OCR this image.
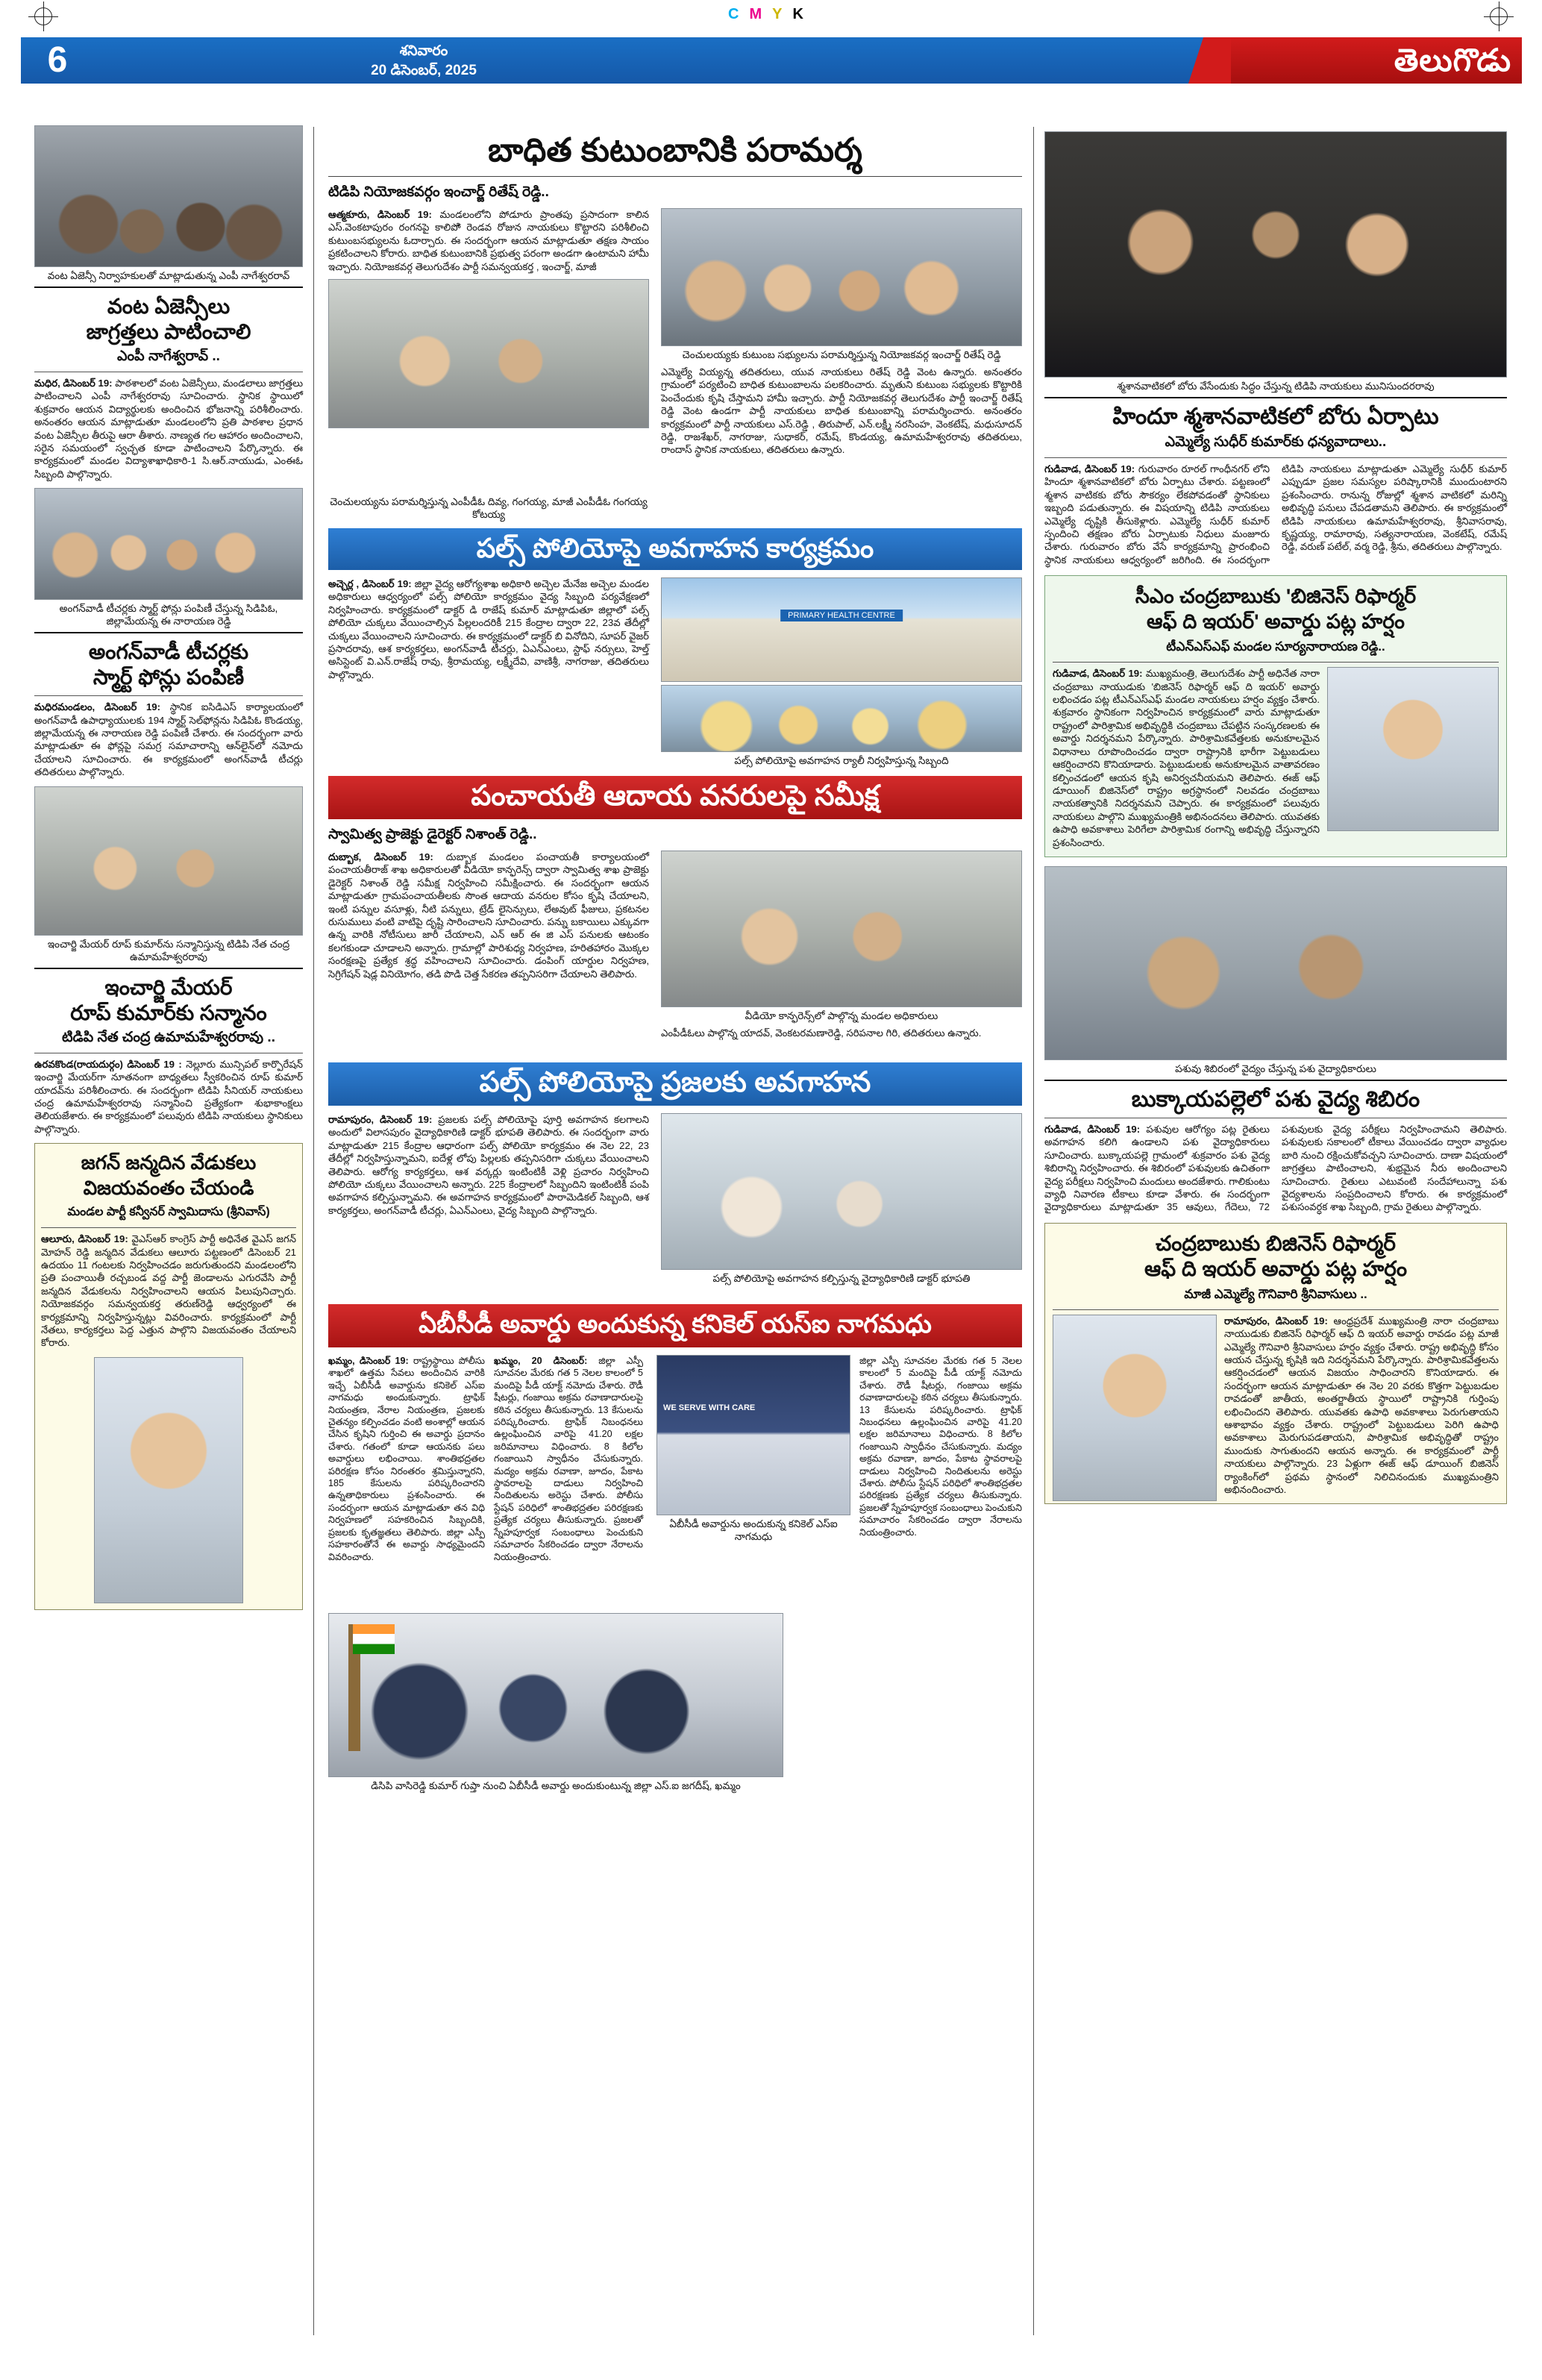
CMYK
6	శనివారం
20 డిసెంబర్, 2025	తెలుగొడు
వంట ఏజెన్సీ నిర్వాహకులతో మాట్లాడుతున్న ఎంపీ నాగేశ్వరరావ్
వంట ఏజెన్సీలు
జాగ్రత్తలు పాటించాలి
ఎంపీ నాగేశ్వరావ్ ..
మధిర, డిసెంబర్ 19: పాఠశాలలో వంట ఏజెన్సీలు, మండలాలు జాగ్రత్తలు పాటించాలని ఎంపీ నాగేశ్వరరావు సూచించారు. స్థానిక స్థాయిలో శుక్రవారం ఆయన విద్యార్థులకు అందించిన భోజనాన్ని పరిశీలించారు. అనంతరం ఆయన మాట్లాడుతూ మండలంలోని ప్రతి పాఠశాల ప్రధాన వంట ఏజెన్సీల తీరుపై ఆరా తీశారు. నాణ్యత గల ఆహారం అందించాలని, సరైన సమయంలో స్వచ్ఛత కూడా పాటించాలని పేర్కొన్నారు. ఈ కార్యక్రమంలో మండల విద్యాశాఖాధికారి-1 సి.ఆర్.నాయుడు, ఎంఈఓ సిబ్బంది పాల్గొన్నారు.
అంగన్‌వాడీ టీచర్లకు స్మార్ట్ ఫోన్లు పంపిణీ చేస్తున్న సిడిపిఓ, జిల్లామేయన్న ఈ నారాయణ రెడ్డి
అంగన్‌వాడీ టీచర్లకు
స్మార్ట్ ఫోన్లు పంపిణీ
మధిరమండలం, డిసెంబర్ 19: స్థానిక ఐసిడిఎస్ కార్యాలయంలో అంగన్‌వాడీ ఉపాధ్యాయులకు 194 స్మార్ట్ సెల్‌ఫోన్లను సిడిపిఓ కొండయ్య, జిల్లామేయన్న ఈ నారాయణ రెడ్డి పంపిణీ చేశారు. ఈ సందర్భంగా వారు మాట్లాడుతూ ఈ ఫోన్లపై సమగ్ర సమాచారాన్ని ఆన్‌లైన్‌లో నమోదు చేయాలని సూచించారు. ఈ కార్యక్రమంలో అంగన్‌వాడీ టీచర్లు తదితరులు పాల్గొన్నారు.
ఇంచార్జి మేయర్ రూప్ కుమార్‌ను సన్మానిస్తున్న టిడిపి నేత చంద్ర ఉమామహేశ్వరరావు
ఇంచార్జి మేయర్
రూప్ కుమార్‌కు సన్మానం
టిడిపి నేత చంద్ర ఉమామహేశ్వరరావు ..
ఉరవకొండ(రాయదుర్గం) డిసెంబర్ 19 : నెల్లూరు మున్సిపల్ కార్పొరేషన్ ఇంచార్జి మేయర్‌గా నూతనంగా బాధ్యతలు స్వీకరించిన రూప్ కుమార్ యాదవ్‌ను పరిశీలించారు. ఈ సందర్భంగా టిడిపి సీనియర్ నాయకులు చంద్ర ఉమామహేశ్వరరావు సన్మానించి ప్రత్యేకంగా శుభాకాంక్షలు తెలియజేశారు. ఈ కార్యక్రమంలో పలువురు టిడిపి నాయకులు స్థానికులు పాల్గొన్నారు.
జగన్ జన్మదిన వేడుకలు
విజయవంతం చేయండి
మండల పార్టీ కన్వీనర్ స్వామిదాసు (శ్రీనివాస్)
ఆలూరు, డిసెంబర్ 19: వైఎస్ఆర్ కాంగ్రెస్ పార్టీ అధినేత వైఎస్ జగన్ మోహన్ రెడ్డి జన్మదిన వేడుకలు ఆలూరు పట్టణంలో డిసెంబర్ 21 ఉదయం 11 గంటలకు నిర్వహించడం జరుగుతుందని మండలంలోని ప్రతి పంచాయితీ రచ్చబండ వద్ద పార్టీ జెండాలను ఎగురవేసి పార్టీ జన్మదిన వేడుకలను నిర్వహించాలని ఆయన పిలుపునిచ్చారు. నియోజకవర్గం సమన్వయకర్త తరుణ్‌రెడ్డి ఆధ్వర్యంలో ఈ కార్యక్రమాన్ని నిర్వహిస్తున్నట్లు వివరించారు. కార్యక్రమంలో పార్టీ నేతలు, కార్యకర్తలు పెద్ద ఎత్తున పాల్గొని విజయవంతం చేయాలని కోరారు.
బాధిత కుటుంబానికి పరామర్శ
టిడిపి నియోజకవర్గం ఇంచార్జ్ రితేష్ రెడ్డి..
ఆత్మకూరు, డిసెంబర్ 19: మండలంలోని పోడూరు ప్రాంతపు ప్రసాదంగా కాలిన ఎస్.వెంకటాపురం రంగనపై కాలిపోి రెండవ రోజున నాయకులు కొట్టారని పరిశీలించి కుటుంబసభ్యులను ఓదార్చారు. ఈ సందర్భంగా ఆయన మాట్లాడుతూ తక్షణ సాయం ప్రకటించాలని కోరారు. బాధిత కుటుంబానికి ప్రభుత్వ పరంగా అండగా ఉంటామని హామీ ఇచ్చారు. నియోజకవర్గ తెలుగుదేశం పార్టీ సమన్వయకర్త , ఇంచార్జ్, మాజీ
చెంచులయ్యకు కుటుంబ సభ్యులను పరామర్శిస్తున్న నియోజకవర్గ ఇంచార్జ్ రితేష్ రెడ్డి
ఎమ్మెల్యే వియ్యన్న తదితరులు, యువ నాయకులు రితేష్ రెడ్డి వెంట ఉన్నారు. అనంతరం గ్రామంలో పర్యటించి బాధిత కుటుంబాలను పలకరించారు. మృతుని కుటుంబ సభ్యులకు కొట్టారికి పెంచేందుకు కృషి చేస్తామని హామీ ఇచ్చారు. పార్టీ నియోజకవర్గ తెలుగుదేశం పార్టీ ఇంచార్జ్ రితేష్ రెడ్డి వెంట ఉండగా పార్టీ నాయకులు బాధిత కుటుంబాన్ని పరామర్శించారు. అనంతరం కార్యక్రమంలో పార్టీ నాయకులు ఎస్.రెడ్డి , తిరుపాల్, ఎన్.లక్ష్మీ నరసింహ, వెంకటేష్, మధుసూదన్ రెడ్డి, రాజశేఖర్, నాగరాజు, సుధాకర్, రమేష్, కొండయ్య, ఉమామహేశ్వరరావు తదితరులు, రాందాస్ స్థానిక నాయకులు, తదితరులు ఉన్నారు.
చెంచులయ్యను పరామర్శిస్తున్న ఎంపీడీఓ దివ్య, గంగయ్య, మాజీ ఎంపీడీఓ గంగయ్య కోటయ్య
పల్స్ పోలియోపై అవగాహన కార్యక్రమం
అచ్చెర్ల , డిసెంబర్ 19: జిల్లా వైద్య ఆరోగ్యశాఖ అధికారి అచ్చెల మేనేజ అచ్చెల మండల అధికారులు ఆధ్వర్యంలో పల్స్ పోలియో కార్యక్రమం వైద్య సిబ్బంది పర్యవేక్షణలో నిర్వహించారు. కార్యక్రమంలో డాక్టర్ డి రాజేష్ కుమార్ మాట్లాడుతూ జిల్లాలో పల్స్ పోలియో చుక్కలు వేయించాల్సిన పిల్లలందరికీ 215 కేంద్రాల ద్వారా 22, 23వ తేదీల్లో చుక్కలు వేయించాలని సూచించారు. ఈ కార్యక్రమంలో డాక్టర్ బి వినోదిని, సూపర్ వైజర్ ప్రసాదరావు, ఆశ కార్యకర్తలు, అంగన్‌వాడీ టీచర్లు, ఏఎన్ఎంలు, స్టాఫ్ నర్సులు, హెల్త్ అసిస్టెంట్ వి.ఎన్.రాజేష్ రావు, శ్రీరామయ్య, లక్ష్మీదేవి, వాణిశ్రీ, నాగరాజు, తదితరులు పాల్గొన్నారు.
PRIMARY HEALTH CENTRE
పల్స్ పోలియోపై అవగాహన ర్యాలీ నిర్వహిస్తున్న సిబ్బంది
పంచాయతీ ఆదాయ వనరులపై సమీక్ష
స్వామిత్వ ప్రాజెక్టు డైరెక్టర్ నిశాంత్ రెడ్డి..
దుబ్బాక, డిసెంబర్ 19: దుబ్బాక మండలం పంచాయతీ కార్యాలయంలో పంచాయతీరాజ్ శాఖ అధికారులతో వీడియో కాన్ఫరెన్స్ ద్వారా స్వామిత్వ శాఖ ప్రాజెక్టు డైరెక్టర్ నిశాంత్ రెడ్డి సమీక్ష నిర్వహించి సమీక్షించారు. ఈ సందర్భంగా ఆయన మాట్లాడుతూ గ్రామపంచాయతీలకు సొంత ఆదాయ వనరుల కోసం కృషి చేయాలని, ఇంటి పన్నుల వసూళ్లు, నీటి పన్నులు, ట్రేడ్ లైసెన్సులు, లేఅవుట్ ఫీజులు, ప్రకటనల రుసుములు వంటి వాటిపై దృష్టి సారించాలని సూచించారు. పన్ను బకాయిలు ఎక్కువగా ఉన్న వారికి నోటీసులు జారీ చేయాలని, ఎన్ ఆర్ ఈ జి ఎస్ పనులకు ఆటంకం కలగకుండా చూడాలని అన్నారు. గ్రామాల్లో పారిశుధ్య నిర్వహణ, హరితహారం మొక్కల సంరక్షణపై ప్రత్యేక శ్రద్ధ వహించాలని సూచించారు. డంపింగ్ యార్డుల నిర్వహణ, సెగ్రిగేషన్ షెడ్ల వినియోగం, తడి పొడి చెత్త సేకరణ తప్పనిసరిగా చేయాలని తెలిపారు.
వీడియో కాన్ఫరెన్స్‌లో పాల్గొన్న మండల అధికారులు
ఎంపీడీఓలు పాల్గొన్న యాదవ్, వెంకటరమణారెడ్డి, సరిపనాల గిరి, తదితరులు ఉన్నారు.
పల్స్ పోలియోపై ప్రజలకు అవగాహన
రామాపురం, డిసెంబర్ 19: ప్రజలకు పల్స్ పోలియోపై పూర్తి అవగాహన కలగాలని అందులో విలాసపురం వైద్యాధికారిణి డాక్టర్ భూపతి తెలిపారు. ఈ సందర్భంగా వారు మాట్లాడుతూ 215 కేంద్రాల ఆధారంగా పల్స్ పోలియో కార్యక్రమం ఈ నెల 22, 23 తేదీల్లో నిర్వహిస్తున్నామని, ఐదేళ్ల లోపు పిల్లలకు తప్పనిసరిగా చుక్కలు వేయించాలని తెలిపారు. ఆరోగ్య కార్యకర్తలు, ఆశ వర్కర్లు ఇంటింటికీ వెళ్లి ప్రచారం నిర్వహించి పోలియో చుక్కలు వేయించాలని అన్నారు. 225 కేంద్రాలలో సిబ్బందిని ఇంటింటికీ పంపి అవగాహన కల్పిస్తున్నామని. ఈ అవగాహన కార్యక్రమంలో పారామెడికల్ సిబ్బంది, ఆశ కార్యకర్తలు, అంగన్‌వాడీ టీచర్లు, ఏఎన్ఎంలు, వైద్య సిబ్బంది పాల్గొన్నారు.
పల్స్ పోలియోపై అవగాహన కల్పిస్తున్న వైద్యాధికారిణి డాక్టర్ భూపతి
ఏబీసీడీ అవార్డు అందుకున్న కనికెల్ యస్‌ఐ నాగమధు
ఖమ్మం, డిసెంబర్ 19: రాష్ట్రస్థాయి పోలీసు శాఖలో ఉత్తమ సేవలు అందించిన వారికి ఇచ్చే ఏబీసీడీ అవార్డును కనికెల్ ఎస్‌ఐ నాగమధు అందుకున్నారు. ట్రాఫిక్ నియంత్రణ, నేరాల నియంత్రణ, ప్రజలకు చైతన్యం కల్పించడం వంటి అంశాల్లో ఆయన చేసిన కృషిని గుర్తించి ఈ అవార్డు ప్రదానం చేశారు. గతంలో కూడా ఆయనకు పలు అవార్డులు లభించాయి. శాంతిభద్రతల పరిరక్షణ కోసం నిరంతరం శ్రమిస్తున్నారని, 185 కేసులను పరిష్కరించారని ఉన్నతాధికారులు ప్రశంసించారు. ఈ సందర్భంగా ఆయన మాట్లాడుతూ తన విధి నిర్వహణలో సహకరించిన సిబ్బందికి, ప్రజలకు కృతజ్ఞతలు తెలిపారు. జిల్లా ఎస్పీ సహకారంతోనే ఈ అవార్డు సాధ్యమైందని వివరించారు.
ఖమ్మం, 20 డిసెంబర్: జిల్లా ఎస్పీ సూచనల మేరకు గత 5 నెలల కాలంలో 5 మందిపై పీడీ యాక్ట్ నమోదు చేశారు. రౌడీ షీటర్లు, గంజాయి అక్రమ రవాణాదారులపై కఠిన చర్యలు తీసుకున్నారు. 13 కేసులను పరిష్కరించారు. ట్రాఫిక్ నిబంధనలు ఉల్లంఘించిన వారిపై 41.20 లక్షల జరిమానాలు విధించారు. 8 కిలోల గంజాయిని స్వాధీనం చేసుకున్నారు. మద్యం అక్రమ రవాణా, జూదం, పేకాట స్థావరాలపై దాడులు నిర్వహించి నిందితులను అరెస్టు చేశారు. పోలీసు స్టేషన్ పరిధిలో శాంతిభద్రతల పరిరక్షణకు ప్రత్యేక చర్యలు తీసుకున్నారు. ప్రజలతో స్నేహపూర్వక సంబంధాలు పెంచుకుని సమాచారం సేకరించడం ద్వారా నేరాలను నియంత్రించారు.
WE SERVE WITH CARE
ఏబీసీడీ అవార్డును అందుకున్న కనికెల్ ఎస్‌ఐ నాగమధు
జిల్లా ఎస్పీ సూచనల మేరకు గత 5 నెలల కాలంలో 5 మందిపై పీడీ యాక్ట్ నమోదు చేశారు. రౌడీ షీటర్లు, గంజాయి అక్రమ రవాణాదారులపై కఠిన చర్యలు తీసుకున్నారు. 13 కేసులను పరిష్కరించారు. ట్రాఫిక్ నిబంధనలు ఉల్లంఘించిన వారిపై 41.20 లక్షల జరిమానాలు విధించారు. 8 కిలోల గంజాయిని స్వాధీనం చేసుకున్నారు. మద్యం అక్రమ రవాణా, జూదం, పేకాట స్థావరాలపై దాడులు నిర్వహించి నిందితులను అరెస్టు చేశారు. పోలీసు స్టేషన్ పరిధిలో శాంతిభద్రతల పరిరక్షణకు ప్రత్యేక చర్యలు తీసుకున్నారు. ప్రజలతో స్నేహపూర్వక సంబంధాలు పెంచుకుని సమాచారం సేకరించడం ద్వారా నేరాలను నియంత్రించారు.
డిసిపి వాసిరెడ్డి కుమార్ గుప్తా నుంచి ఏబీసీడీ అవార్డు అందుకుంటున్న జిల్లా ఎస్.ఐ జగదీష్, ఖమ్మం
శ్మశానవాటికలో బోరు వేసేందుకు సిద్ధం చేస్తున్న టిడిపి నాయకులు మునిసుందరరావు
హిందూ శ్మశానవాటికలో బోరు ఏర్పాటు
ఎమ్మెల్యే సుధీర్ కుమార్‌కు ధన్యవాదాలు..
గుడివాడ, డిసెంబర్ 19: గురువారం రూరల్ గాంధీనగర్ లోని హిందూ శ్మశానవాటికలో బోరు ఏర్పాటు చేశారు. పట్టణంలో శ్మశాన వాటికకు బోరు సౌకర్యం లేకపోవడంతో స్థానికులు ఇబ్బంది పడుతున్నారు. ఈ విషయాన్ని టిడిపి నాయకులు ఎమ్మెల్యే దృష్టికి తీసుకెళ్లారు. ఎమ్మెల్యే సుధీర్ కుమార్ స్పందించి తక్షణం బోరు ఏర్పాటుకు నిధులు మంజూరు చేశారు. గురువారం బోరు వేసే కార్యక్రమాన్ని ప్రారంభించి స్థానిక నాయకులు ఆధ్వర్యంలో జరిగింది. ఈ సందర్భంగా టిడిపి నాయకులు మాట్లాడుతూ ఎమ్మెల్యే సుధీర్ కుమార్ ఎప్పుడూ ప్రజల సమస్యల పరిష్కారానికి ముందుంటారని ప్రశంసించారు. రానున్న రోజుల్లో శ్మశాన వాటికలో మరిన్ని అభివృద్ధి పనులు చేపడతామని తెలిపారు. ఈ కార్యక్రమంలో టిడిపి నాయకులు ఉమామహేశ్వరరావు, శ్రీనివాసరావు, కృష్ణయ్య, రామారావు, సత్యనారాయణ, వెంకటేష్, రమేష్ రెడ్డి, వరుణ్ పటేల్, వర్మ రెడ్డి, శ్రీను, తదితరులు పాల్గొన్నారు.
సీఎం చంద్రబాబుకు 'బిజినెస్ రిఫార్మర్
ఆఫ్ ది ఇయర్' అవార్డు పట్ల హర్షం
టీఎన్ఎస్ఎఫ్ మండల సూర్యనారాయణ రెడ్డి..
గుడివాడ, డిసెంబర్ 19: ముఖ్యమంత్రి, తెలుగుదేశం పార్టీ అధినేత నారా చంద్రబాబు నాయుడుకు 'బిజినెస్ రిఫార్మర్ ఆఫ్ ది ఇయర్' అవార్డు లభించడం పట్ల టీఎన్ఎస్ఎఫ్ మండల నాయకులు హర్షం వ్యక్తం చేశారు. శుక్రవారం స్థానికంగా నిర్వహించిన కార్యక్రమంలో వారు మాట్లాడుతూ రాష్ట్రంలో పారిశ్రామిక అభివృద్ధికి చంద్రబాబు చేపట్టిన సంస్కరణలకు ఈ అవార్డు నిదర్శనమని పేర్కొన్నారు. పారిశ్రామికవేత్తలకు అనుకూలమైన విధానాలు రూపొందించడం ద్వారా రాష్ట్రానికి భారీగా పెట్టుబడులు ఆకర్షించారని కొనియాడారు. పెట్టుబడులకు అనుకూలమైన వాతావరణం కల్పించడంలో ఆయన కృషి అనిర్వచనీయమని తెలిపారు. ఈజ్ ఆఫ్ డూయింగ్ బిజినెస్‌లో రాష్ట్రం అగ్రస్థానంలో నిలవడం చంద్రబాబు నాయకత్వానికి నిదర్శనమని చెప్పారు. ఈ కార్యక్రమంలో పలువురు నాయకులు పాల్గొని ముఖ్యమంత్రికి అభినందనలు తెలిపారు. యువతకు ఉపాధి అవకాశాలు పెరిగేలా పారిశ్రామిక రంగాన్ని అభివృద్ధి చేస్తున్నారని ప్రశంసించారు.
పశువు శిబిరంలో వైద్యం చేస్తున్న పశు వైద్యాధికారులు
బుక్కాయపల్లెలో పశు వైద్య శిబిరం
గుడివాడ, డిసెంబర్ 19: పశువుల ఆరోగ్యం పట్ల రైతులు అవగాహన కలిగి ఉండాలని పశు వైద్యాధికారులు సూచించారు. బుక్కాయపల్లె గ్రామంలో శుక్రవారం పశు వైద్య శిబిరాన్ని నిర్వహించారు. ఈ శిబిరంలో పశువులకు ఉచితంగా వైద్య పరీక్షలు నిర్వహించి మందులు అందజేశారు. గాలికుంటు వ్యాధి నివారణ టీకాలు కూడా వేశారు. ఈ సందర్భంగా వైద్యాధికారులు మాట్లాడుతూ 35 ఆవులు, గేదెలు, 72 పశువులకు వైద్య పరీక్షలు నిర్వహించామని తెలిపారు. పశువులకు సకాలంలో టీకాలు వేయించడం ద్వారా వ్యాధుల బారి నుంచి రక్షించుకోవచ్చని సూచించారు. దాణా విషయంలో జాగ్రత్తలు పాటించాలని, శుభ్రమైన నీరు అందించాలని సూచించారు. రైతులు ఎటువంటి సందేహాలున్నా పశు వైద్యశాలను సంప్రదించాలని కోరారు. ఈ కార్యక్రమంలో పశుసంవర్ధక శాఖ సిబ్బంది, గ్రామ రైతులు పాల్గొన్నారు.
చంద్రబాబుకు బిజినెస్ రిఫార్మర్
ఆఫ్ ది ఇయర్ అవార్డు పట్ల హర్షం
మాజీ ఎమ్మెల్యే గౌనివారి శ్రీనివాసులు ..
రామాపురం, డిసెంబర్ 19: ఆంధ్రప్రదేశ్ ముఖ్యమంత్రి నారా చంద్రబాబు నాయుడుకు బిజినెస్ రిఫార్మర్ ఆఫ్ ది ఇయర్ అవార్డు రావడం పట్ల మాజీ ఎమ్మెల్యే గౌనివారి శ్రీనివాసులు హర్షం వ్యక్తం చేశారు. రాష్ట్ర అభివృద్ధి కోసం ఆయన చేస్తున్న కృషికి ఇది నిదర్శనమని పేర్కొన్నారు. పారిశ్రామికవేత్తలను ఆకర్షించడంలో ఆయన విజయం సాధించారని కొనియాడారు. ఈ సందర్భంగా ఆయన మాట్లాడుతూ ఈ నెల 20 వరకు కొత్తగా పెట్టుబడుల రావడంతో జాతీయ, అంతర్జాతీయ స్థాయిలో రాష్ట్రానికి గుర్తింపు లభించిందని తెలిపారు. యువతకు ఉపాధి అవకాశాలు పెరుగుతాయని ఆశాభావం వ్యక్తం చేశారు. రాష్ట్రంలో పెట్టుబడులు పెరిగి ఉపాధి అవకాశాలు మెరుగుపడతాయని, పారిశ్రామిక అభివృద్ధితో రాష్ట్రం ముందుకు సాగుతుందని ఆయన అన్నారు. ఈ కార్యక్రమంలో పార్టీ నాయకులు పాల్గొన్నారు. 23 ఏళ్లుగా ఈజ్ ఆఫ్ డూయింగ్ బిజినెస్ ర్యాంకింగ్‌లో ప్రథమ స్థానంలో నిలిచినందుకు ముఖ్యమంత్రిని అభినందించారు.
